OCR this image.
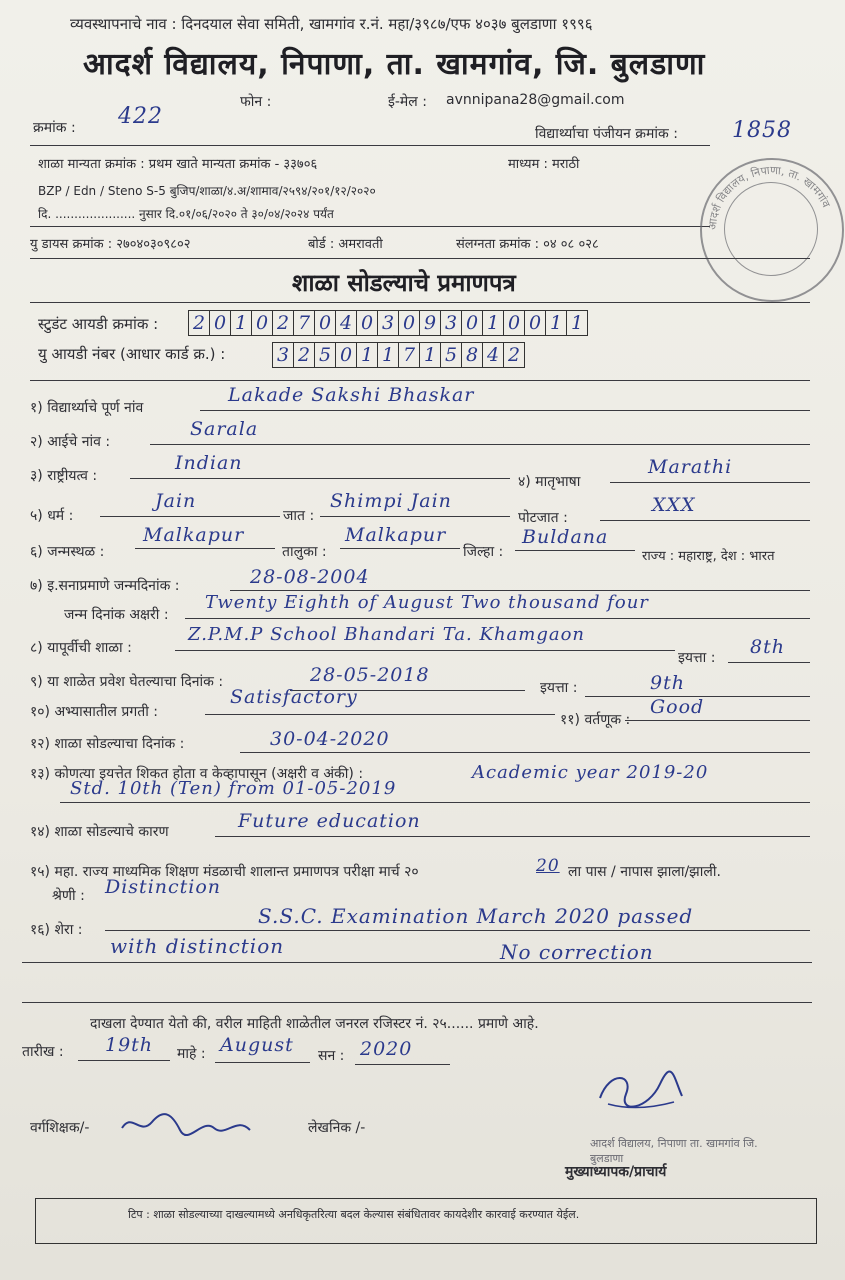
व्यवस्थापनाचे नाव : दिनदयाल सेवा समिती, खामगांव र.नं. महा/३९८७/एफ ४०३७ बुलडाणा १९९६
आदर्श विद्यालय, निपाणा, ता. खामगांव, जि. बुलडाणा
फोन :	ई-मेल : avnnipana28@gmail.com
क्रमांक : 422
विद्यार्थ्याचा पंजीयन क्रमांक : 1858
शाळा मान्यता क्रमांक : प्रथम खाते मान्यता क्रमांक - ३३७०६	माध्यम : मराठी
BZP / Edn / Steno S-5 बुजिप/शाळा/४.अ/शामाव/२५९४/२०१/१२/२०२०
दि. ..................... नुसार दि.०१/०६/२०२० ते ३०/०४/२०२४ पर्यंत
यु डायस क्रमांक : २७०४०३०९८०२	बोर्ड : अमरावती	संलग्नता क्रमांक : ०४ ०८ ०२८
आदर्श विद्यालय, निपाणा, ता. खामगांव
शाळा सोडल्याचे प्रमाणपत्र
स्टुडंट आयडी क्रमांक : 2 0 1 0 2 7 0 4 0 3 0 9 3 0 1 0 0 1 1
यु आयडी नंबर (आधार कार्ड क्र.) :	3 2 5 0 1 1 7 1 5 8 4 2
१) विद्यार्थ्याचे पूर्ण नांव
Lakade Sakshi Bhaskar
२) आईचे नांव :
Sarala
३) राष्ट्रीयत्व :
Indian
४) मातृभाषा
Marathi
५) धर्म :
Jain
जात :
Shimpi Jain
पोटजात :
XXX
६) जन्मस्थळ :
Malkapur
तालुका :
Malkapur
जिल्हा :
Buldana
राज्य : महाराष्ट्र, देश : भारत
७) इ.सनाप्रमाणे जन्मदिनांक :	28-08-2004
जन्म दिनांक अक्षरी :
Twenty Eighth of August Two thousand four
८) यापूर्वीची शाळा :
Z.P.M.P School Bhandari Ta. Khamgaon
इयत्ता : 8th
९) या शाळेत प्रवेश घेतल्याचा दिनांक :	28-05-2018
इयत्ता :	9th
१०) अभ्यासातील प्रगती :
Satisfactory
११) वर्तणूक :
Good
१२) शाळा सोडल्याचा दिनांक :	30-04-2020
१३) कोणत्या इयत्तेत शिकत होता व केव्हापासून (अक्षरी व अंकी) :	Academic year 2019-20
Std. 10th (Ten) from 01-05-2019
१४) शाळा सोडल्याचे कारण	Future education
१५) महा. राज्य माध्यमिक शिक्षण मंडळाची शालान्त प्रमाणपत्र परीक्षा मार्च २०	20 ला पास / नापास झाला/झाली.
श्रेणी : Distinction
१६) शेरा :
S.S.C. Examination March 2020 passed
with distinction	No correction
दाखला देण्यात येतो की, वरील माहिती शाळेतील जनरल रजिस्टर नं. २५...... प्रमाणे आहे.
तारीख : 19th माहे : August सन : 2020
वर्गशिक्षक/-	लेखनिक /-
आदर्श विद्यालय, निपाणा ता. खामगांव जि. बुलडाणा
मुख्याध्यापक/प्राचार्य
टिप : शाळा सोडल्याच्या दाखल्यामध्ये अनधिकृतरित्या बदल केल्यास संबंधितावर कायदेशीर कारवाई करण्यात येईल.
